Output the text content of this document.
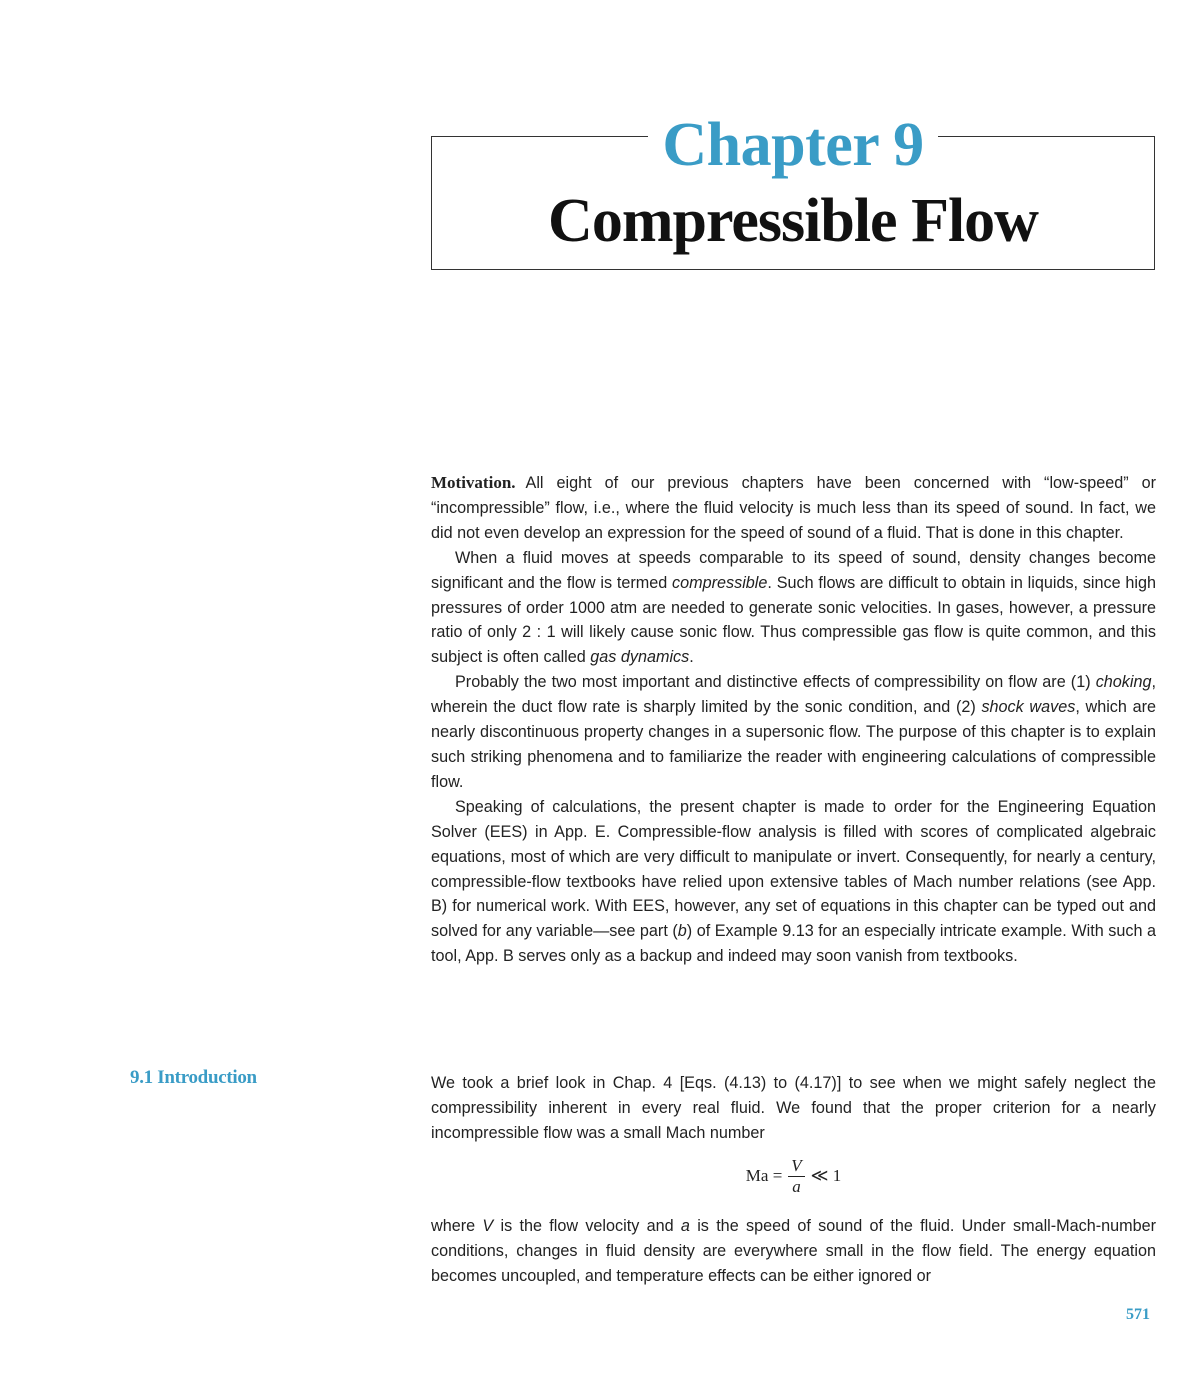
Chapter 9
Compressible Flow

Motivation. All eight of our previous chapters have been concerned with “low-speed” or “incompressible” flow, i.e., where the fluid velocity is much less than its speed of sound. In fact, we did not even develop an expression for the speed of sound of a fluid. That is done in this chapter.

When a fluid moves at speeds comparable to its speed of sound, density changes become significant and the flow is termed compressible. Such flows are difficult to obtain in liquids, since high pressures of order 1000 atm are needed to generate sonic velocities. In gases, however, a pressure ratio of only 2 : 1 will likely cause sonic flow. Thus compressible gas flow is quite common, and this subject is often called gas dynamics.

Probably the two most important and distinctive effects of compressibility on flow are (1) choking, wherein the duct flow rate is sharply limited by the sonic condition, and (2) shock waves, which are nearly discontinuous property changes in a supersonic flow. The purpose of this chapter is to explain such striking phenomena and to familiarize the reader with engineering calculations of compressible flow.

Speaking of calculations, the present chapter is made to order for the Engineering Equation Solver (EES) in App. E. Compressible-flow analysis is filled with scores of complicated algebraic equations, most of which are very difficult to manipulate or invert. Consequently, for nearly a century, compressible-flow textbooks have relied upon extensive tables of Mach number relations (see App. B) for numerical work. With EES, however, any set of equations in this chapter can be typed out and solved for any variable—see part (b) of Example 9.13 for an especially intricate example. With such a tool, App. B serves only as a backup and indeed may soon vanish from textbooks.

9.1 Introduction	We took a brief look in Chap. 4 [Eqs. (4.13) to (4.17)] to see when we might safely neglect the compressibility inherent in every real fluid. We found that the proper criterion for a nearly incompressible flow was a small Mach number

$Ma = \frac{V}{a}$ ≪ 1

where V is the flow velocity and a is the speed of sound of the fluid. Under small-Mach-number conditions, changes in fluid density are everywhere small in the flow field. The energy equation becomes uncoupled, and temperature effects can be either ignored or

571
